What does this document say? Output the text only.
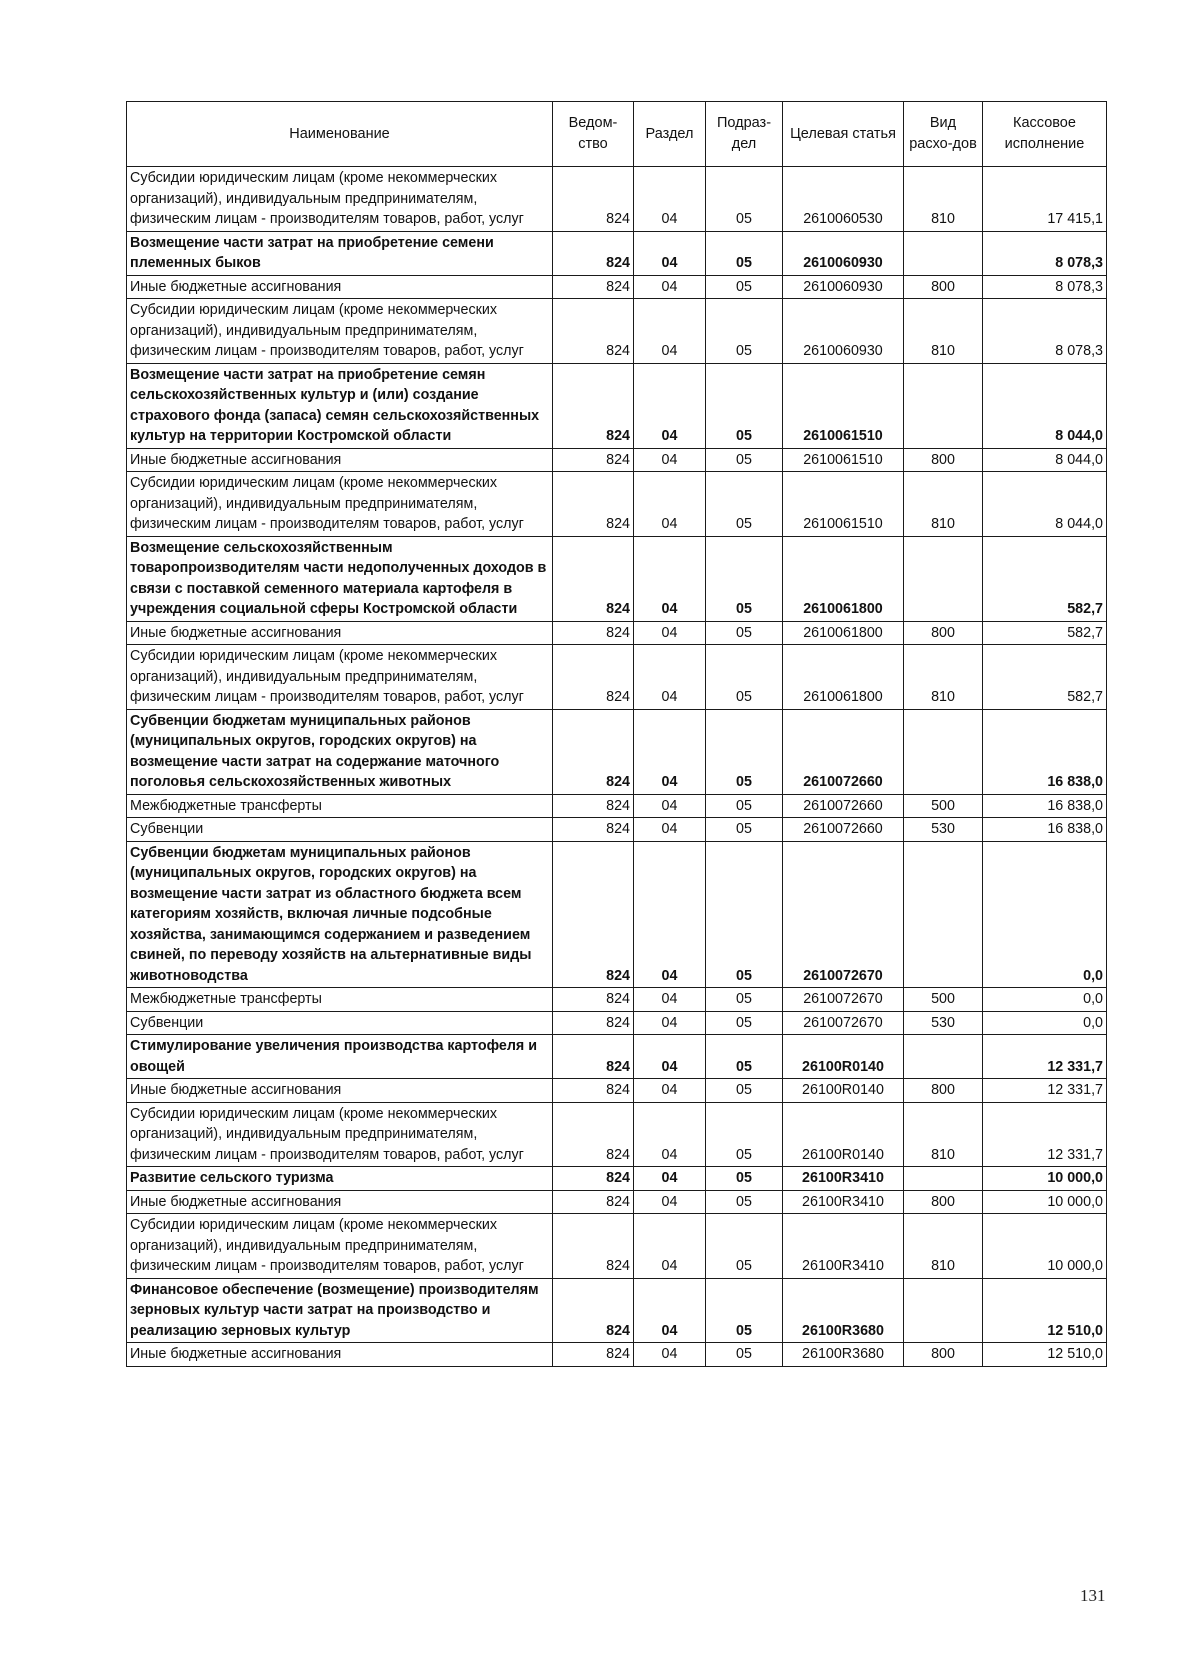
Наименование	Ведом-ство	Раздел	Подраз-дел	Целевая статья	Вид расхо-дов	Кассовое исполнение
Субсидии юридическим лицам (кроме некоммерческих организаций), индивидуальным предпринимателям, физическим лицам - производителям товаров, работ, услуг	824	04	05	2610060530	810	17 415,1
Возмещение части затрат на приобретение семени племенных быков	824	04	05	2610060930		8 078,3
Иные бюджетные ассигнования	824	04	05	2610060930	800	8 078,3
Субсидии юридическим лицам (кроме некоммерческих организаций), индивидуальным предпринимателям, физическим лицам - производителям товаров, работ, услуг	824	04	05	2610060930	810	8 078,3
Возмещение части затрат на приобретение семян сельскохозяйственных культур и (или) создание страхового фонда (запаса) семян сельскохозяйственных культур на территории Костромской области	824	04	05	2610061510		8 044,0
Иные бюджетные ассигнования	824	04	05	2610061510	800	8 044,0
Субсидии юридическим лицам (кроме некоммерческих организаций), индивидуальным предпринимателям, физическим лицам - производителям товаров, работ, услуг	824	04	05	2610061510	810	8 044,0
Возмещение сельскохозяйственным товаропроизводителям части недополученных доходов в связи с поставкой семенного материала картофеля в учреждения социальной сферы Костромской области	824	04	05	2610061800		582,7
Иные бюджетные ассигнования	824	04	05	2610061800	800	582,7
Субсидии юридическим лицам (кроме некоммерческих организаций), индивидуальным предпринимателям, физическим лицам - производителям товаров, работ, услуг	824	04	05	2610061800	810	582,7
Субвенции бюджетам муниципальных районов (муниципальных округов, городских округов) на возмещение части затрат на содержание маточного поголовья сельскохозяйственных животных	824	04	05	2610072660		16 838,0
Межбюджетные трансферты	824	04	05	2610072660	500	16 838,0
Субвенции	824	04	05	2610072660	530	16 838,0
Субвенции бюджетам муниципальных районов (муниципальных округов, городских округов) на возмещение части затрат из областного бюджета всем категориям хозяйств, включая личные подсобные хозяйства, занимающимся содержанием и разведением свиней, по переводу хозяйств на альтернативные виды животноводства	824	04	05	2610072670		0,0
Межбюджетные трансферты	824	04	05	2610072670	500	0,0
Субвенции	824	04	05	2610072670	530	0,0
Стимулирование увеличения производства картофеля и овощей	824	04	05	26100R0140		12 331,7
Иные бюджетные ассигнования	824	04	05	26100R0140	800	12 331,7
Субсидии юридическим лицам (кроме некоммерческих организаций), индивидуальным предпринимателям, физическим лицам - производителям товаров, работ, услуг	824	04	05	26100R0140	810	12 331,7
Развитие сельского туризма	824	04	05	26100R3410		10 000,0
Иные бюджетные ассигнования	824	04	05	26100R3410	800	10 000,0
Субсидии юридическим лицам (кроме некоммерческих организаций), индивидуальным предпринимателям, физическим лицам - производителям товаров, работ, услуг	824	04	05	26100R3410	810	10 000,0
Финансовое обеспечение (возмещение) производителям зерновых культур части затрат на производство и реализацию зерновых культур	824	04	05	26100R3680		12 510,0
Иные бюджетные ассигнования	824	04	05	26100R3680	800	12 510,0
131
